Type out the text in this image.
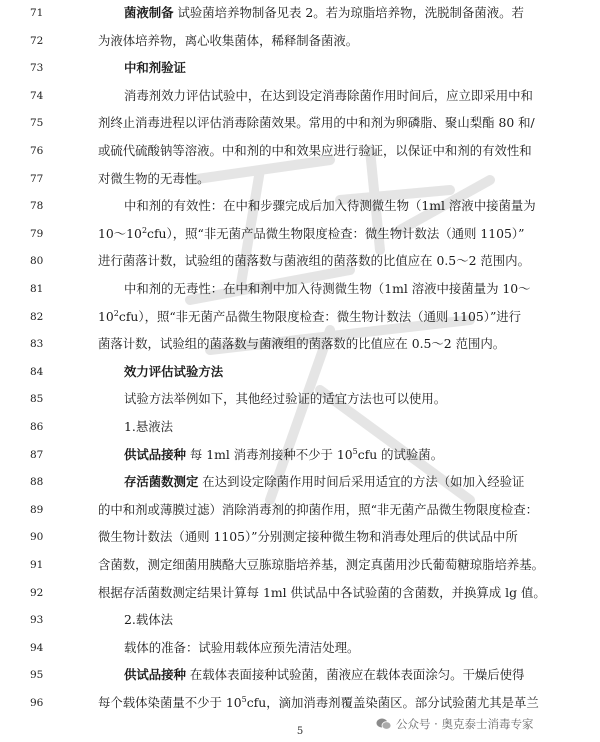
71	菌液制备 试验菌培养物制备见表 2。若为琼脂培养物，洗脱制备菌液。若
72	为液体培养物，离心收集菌体，稀释制备菌液。
73	中和剂验证
74	消毒剂效力评估试验中，在达到设定消毒除菌作用时间后，应立即采用中和
75	剂终止消毒进程以评估消毒除菌效果。常用的中和剂为卵磷脂、聚山梨酯 80 和/
76	或硫代硫酸钠等溶液。中和剂的中和效果应进行验证，以保证中和剂的有效性和
77	对微生物的无毒性。
78	中和剂的有效性：在中和步骤完成后加入待测微生物（1ml 溶液中接菌量为
79	$10\sim 10^2cfu$），照“非无菌产品微生物限度检查：微生物计数法（通则 1105）”
80	进行菌落计数，试验组的菌落数与菌液组的菌落数的比值应在 0.5～2 范围内。
81	中和剂的无毒性：在中和剂中加入待测微生物（1ml 溶液中接菌量为 10～
82	$10^2cfu$），照“非无菌产品微生物限度检查：微生物计数法（通则 1105）”进行
83	菌落计数，试验组的菌落数与菌液组的菌落数的比值应在 0.5～2 范围内。
84	效力评估试验方法
85	试验方法举例如下，其他经过验证的适宜方法也可以使用。
86	1.悬液法
87	供试品接种 每 1ml 消毒剂接种不少于 $10^5cfu$ 的试验菌。
88	存活菌数测定 在达到设定除菌作用时间后采用适宜的方法（如加入经验证
89	的中和剂或薄膜过滤）消除消毒剂的抑菌作用，照“非无菌产品微生物限度检查：
90	微生物计数法（通则 1105）”分别测定接种微生物和消毒处理后的供试品中所
91	含菌数，测定细菌用胰酪大豆胨琼脂培养基，测定真菌用沙氏葡萄糖琼脂培养基。
92	根据存活菌数测定结果计算每 1ml 供试品中各试验菌的含菌数，并换算成 lg 值。
93	2.载体法
94	载体的准备：试验用载体应预先清洁处理。
95	供试品接种 在载体表面接种试验菌，菌液应在载体表面涂匀。干燥后使得
96	每个载体染菌量不少于 $10^5cfu$，滴加消毒剂覆盖染菌区。部分试验菌尤其是革兰
公众号 · 奥克泰士消毒专家
5
